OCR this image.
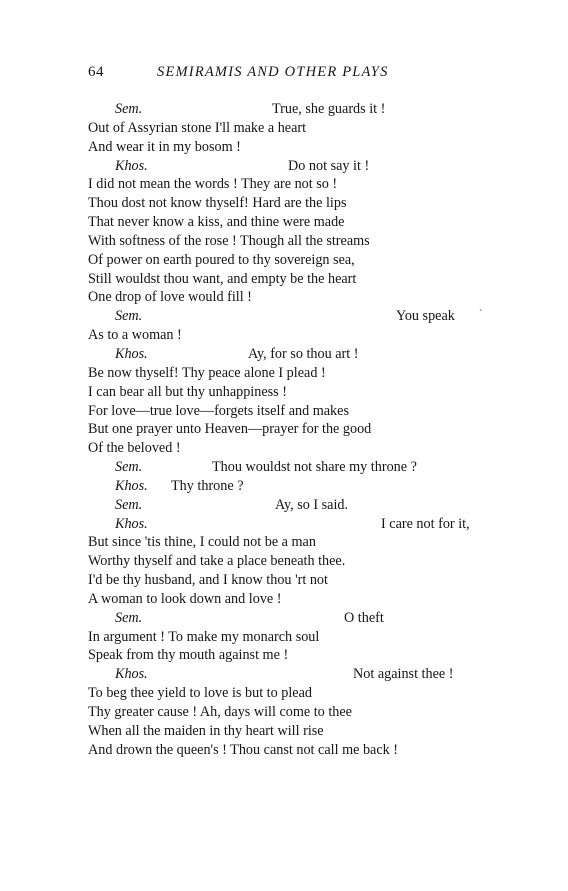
64	SEMIRAMIS AND OTHER PLAYS
Sem.	True, she guards it !
Out of Assyrian stone I'll make a heart
And wear it in my bosom !
Khos.	Do not say it !
I did not mean the words ! They are not so !
Thou dost not know thyself! Hard are the lips
That never know a kiss, and thine were made
With softness of the rose ! Though all the streams
Of power on earth poured to thy sovereign sea,
Still wouldst thou want, and empty be the heart
One drop of love would fill !
Sem.	You speak
As to a woman !
Khos.	Ay, for so thou art !
Be now thyself! Thy peace alone I plead !
I can bear all but thy unhappiness !
For love—true love—forgets itself and makes
But one prayer unto Heaven—prayer for the good
Of the beloved !
Sem.	Thou wouldst not share my throne ?
Khos. Thy throne ?
Sem.	Ay, so I said.
Khos.	I care not for it,
But since 'tis thine, I could not be a man
Worthy thyself and take a place beneath thee.
I'd be thy husband, and I know thou 'rt not
A woman to look down and love !
Sem.	O theft
In argument ! To make my monarch soul
Speak from thy mouth against me !
Khos.	Not against thee !
To beg thee yield to love is but to plead
Thy greater cause ! Ah, days will come to thee
When all the maiden in thy heart will rise
And drown the queen's ! Thou canst not call me back !
ˋ
